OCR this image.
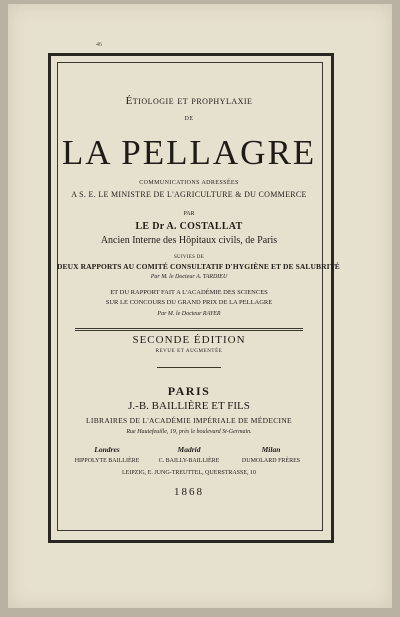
46
Étiologie et prophylaxie
DE
LA PELLAGRE
COMMUNICATIONS ADRESSÉES
A S. E. LE MINISTRE DE L'AGRICULTURE & DU COMMERCE
PAR
LE Dr A. COSTALLAT
Ancien Interne des Hôpitaux civils, de Paris
SUIVIES DE
DEUX RAPPORTS AU COMITÉ CONSULTATIF D'HYGIÈNE ET DE SALUBRITÉ
Par M. le Docteur A. TARDIEU
ET DU RAPPORT FAIT A L'ACADÉMIE DES SCIENCES
SUR LE CONCOURS DU GRAND PRIX DE LA PELLAGRE
Par M. le Docteur RAYER
SECONDE ÉDITION
REVUE ET AUGMENTÉE
PARIS
J.-B. BAILLIÈRE ET FILS
LIBRAIRES DE L'ACADÉMIE IMPÉRIALE DE MÉDECINE
Rue Hautefeuille, 19, près le boulevard St-Germain.
Londres
HIPPOLYTE BAILLIÈRE
Madrid
C. BAILLY-BAILLIÈRE
Milan
DUMOLARD FRÈRES
LEIPZIG, E. JUNG-TREUTTEL, QUERSTRASSE, 10
1868
